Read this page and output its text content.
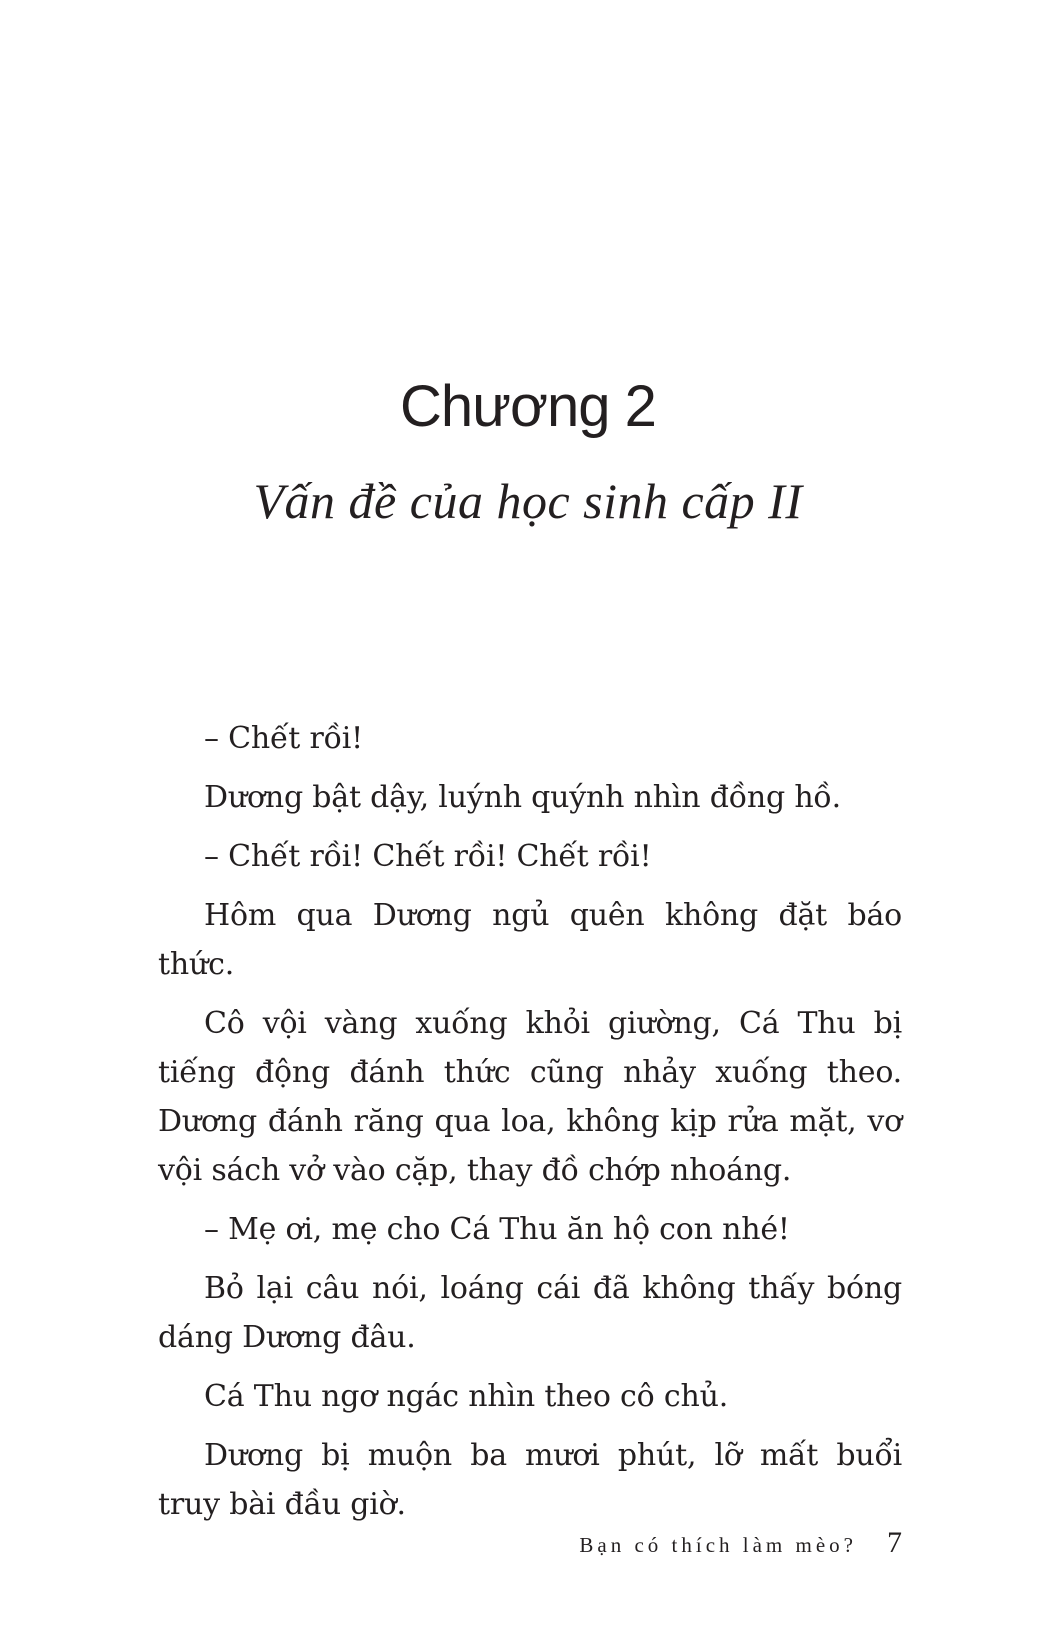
Chương 2
Vấn đề của học sinh cấp II

– Chết rồi!

Dương bật dậy, luýnh quýnh nhìn đồng hồ.

– Chết rồi! Chết rồi! Chết rồi!

Hôm qua Dương ngủ quên không đặt báo thức.

Cô vội vàng xuống khỏi giường, Cá Thu bị tiếng động đánh thức cũng nhảy xuống theo. Dương đánh răng qua loa, không kịp rửa mặt, vơ vội sách vở vào cặp, thay đồ chớp nhoáng.

– Mẹ ơi, mẹ cho Cá Thu ăn hộ con nhé!

Bỏ lại câu nói, loáng cái đã không thấy bóng dáng Dương đâu.

Cá Thu ngơ ngác nhìn theo cô chủ.

Dương bị muộn ba mươi phút, lỡ mất buổi truy bài đầu giờ.

Bạn có thích làm mèo? 7
